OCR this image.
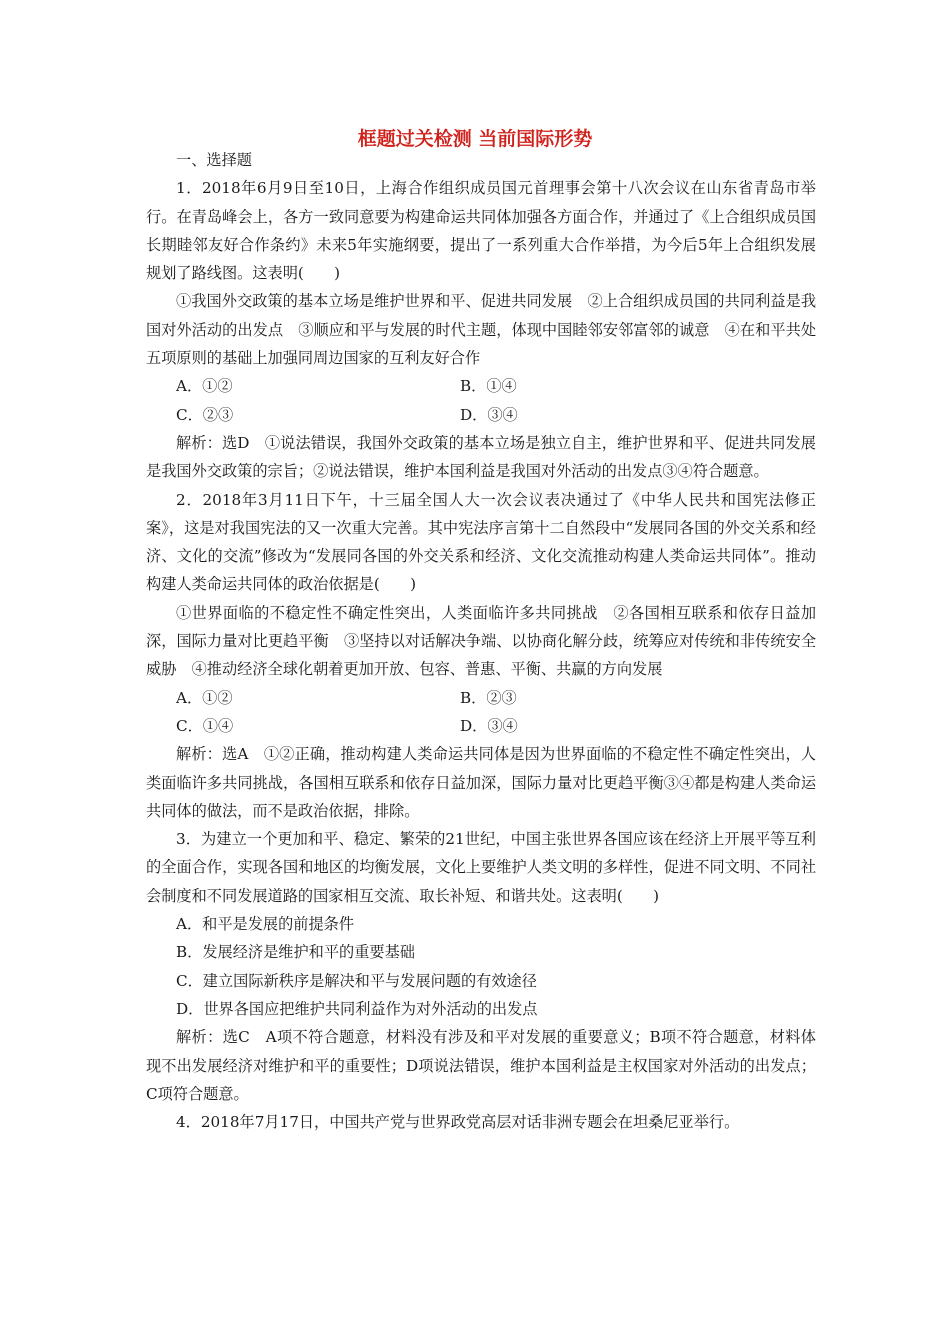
框题过关检测 当前国际形势

一、选择题

1．2018年6月9日至10日，上海合作组织成员国元首理事会第十八次会议在山东省青岛市举行。在青岛峰会上，各方一致同意要为构建命运共同体加强各方面合作，并通过了《上合组织成员国长期睦邻友好合作条约》未来5年实施纲要，提出了一系列重大合作举措，为今后5年上合组织发展规划了路线图。这表明(　　)

①我国外交政策的基本立场是维护世界和平、促进共同发展　②上合组织成员国的共同利益是我国对外活动的出发点　③顺应和平与发展的时代主题，体现中国睦邻安邻富邻的诚意　④在和平共处五项原则的基础上加强同周边国家的互利友好合作

A．①②	B．①④
C．②③	D．③④

解析：选D　①说法错误，我国外交政策的基本立场是独立自主，维护世界和平、促进共同发展是我国外交政策的宗旨；②说法错误，维护本国利益是我国对外活动的出发点③④符合题意。

2．2018年3月11日下午，十三届全国人大一次会议表决通过了《中华人民共和国宪法修正案》，这是对我国宪法的又一次重大完善。其中宪法序言第十二自然段中“发展同各国的外交关系和经济、文化的交流”修改为“发展同各国的外交关系和经济、文化交流推动构建人类命运共同体”。推动构建人类命运共同体的政治依据是(　　)

①世界面临的不稳定性不确定性突出，人类面临许多共同挑战　②各国相互联系和依存日益加深，国际力量对比更趋平衡　③坚持以对话解决争端、以协商化解分歧，统筹应对传统和非传统安全威胁　④推动经济全球化朝着更加开放、包容、普惠、平衡、共赢的方向发展

A．①②	B．②③
C．①④	D．③④

解析：选A　①②正确，推动构建人类命运共同体是因为世界面临的不稳定性不确定性突出，人类面临许多共同挑战，各国相互联系和依存日益加深，国际力量对比更趋平衡③④都是构建人类命运共同体的做法，而不是政治依据，排除。

3．为建立一个更加和平、稳定、繁荣的21世纪，中国主张世界各国应该在经济上开展平等互利的全面合作，实现各国和地区的均衡发展，文化上要维护人类文明的多样性，促进不同文明、不同社会制度和不同发展道路的国家相互交流、取长补短、和谐共处。这表明(　　)

A．和平是发展的前提条件
B．发展经济是维护和平的重要基础
C．建立国际新秩序是解决和平与发展问题的有效途径
D．世界各国应把维护共同利益作为对外活动的出发点

解析：选C　A项不符合题意，材料没有涉及和平对发展的重要意义；B项不符合题意，材料体现不出发展经济对维护和平的重要性；D项说法错误，维护本国利益是主权国家对外活动的出发点；C项符合题意。

4．2018年7月17日，中国共产党与世界政党高层对话非洲专题会在坦桑尼亚举行。
